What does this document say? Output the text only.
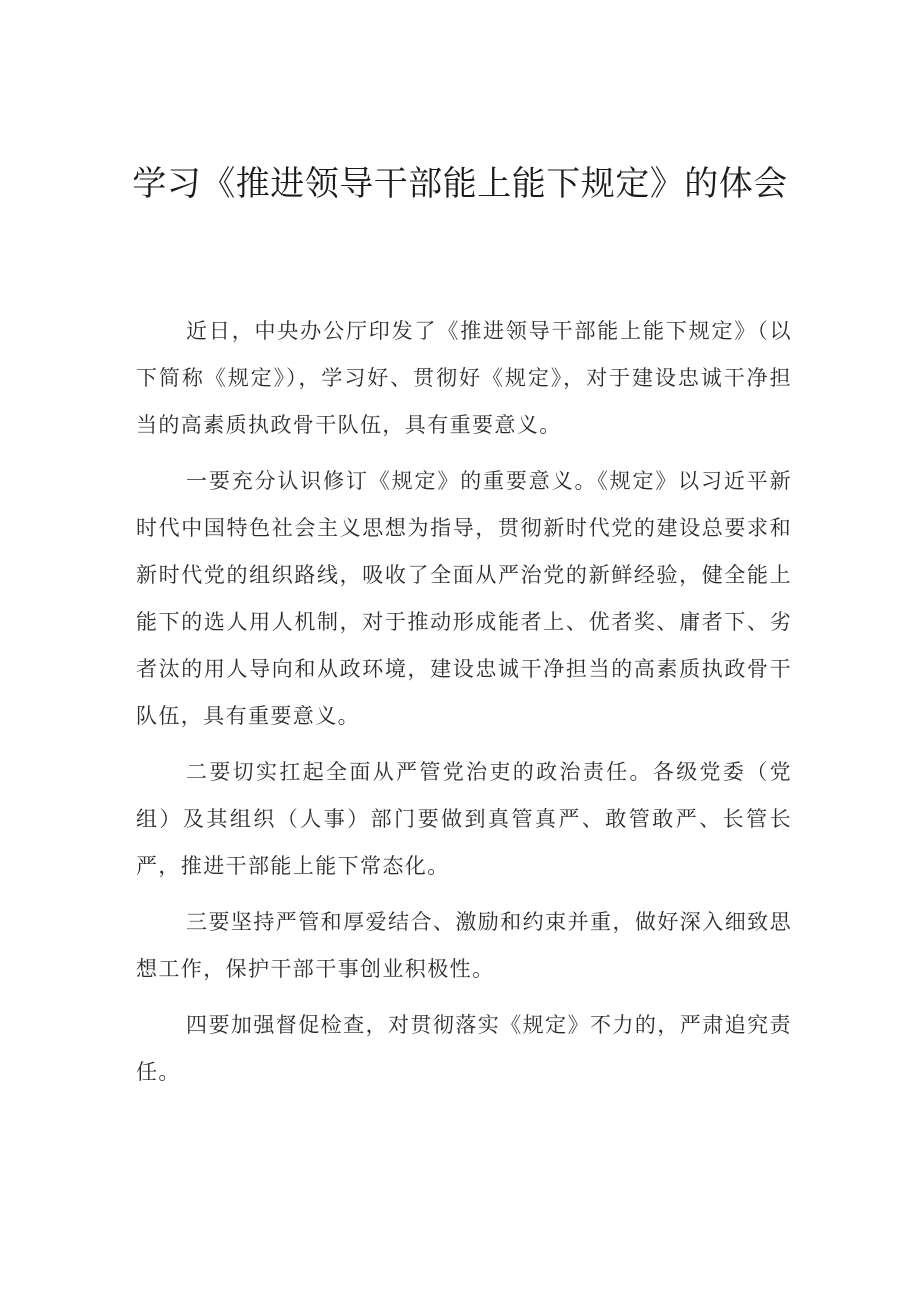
学习《推进领导干部能上能下规定》的体会

近日，中央办公厅印发了《推进领导干部能上能下规定》（以下简称《规定》），学习好、贯彻好《规定》，对于建设忠诚干净担当的高素质执政骨干队伍，具有重要意义。

一要充分认识修订《规定》的重要意义。《规定》以习近平新时代中国特色社会主义思想为指导，贯彻新时代党的建设总要求和新时代党的组织路线，吸收了全面从严治党的新鲜经验，健全能上能下的选人用人机制，对于推动形成能者上、优者奖、庸者下、劣者汰的用人导向和从政环境，建设忠诚干净担当的高素质执政骨干队伍，具有重要意义。

二要切实扛起全面从严管党治吏的政治责任。各级党委（党组）及其组织（人事）部门要做到真管真严、敢管敢严、长管长严，推进干部能上能下常态化。

三要坚持严管和厚爱结合、激励和约束并重，做好深入细致思想工作，保护干部干事创业积极性。

四要加强督促检查，对贯彻落实《规定》不力的，严肃追究责任。
